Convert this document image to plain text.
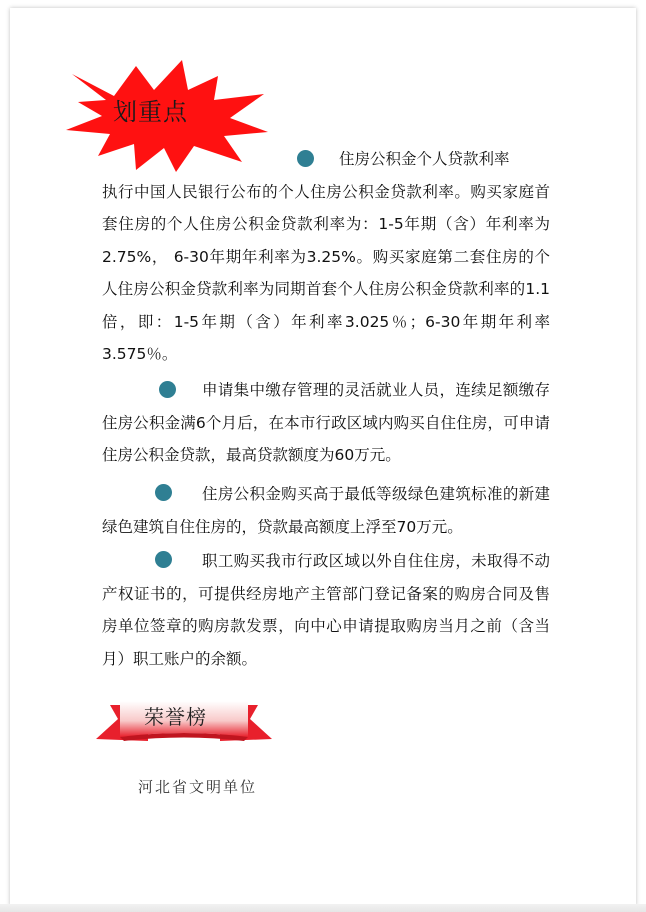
划重点
住房公积金个人贷款利率
执行中国人民银行公布的个人住房公积金贷款利率。购买家庭首套住房的个人住房公积金贷款利率为：1-5年期（含）年利率为2.75%， 6-30年期年利率为3.25%。购买家庭第二套住房的个人住房公积金贷款利率为同期首套个人住房公积金贷款利率的1.1倍，即：1-5年期（含）年利率3.025％；6-30年期年利率3.575％。
申请集中缴存管理的灵活就业人员，连续足额缴存住房公积金满6个月后，在本市行政区域内购买自住住房，可申请住房公积金贷款，最高贷款额度为60万元。
住房公积金购买高于最低等级绿色建筑标准的新建绿色建筑自住住房的，贷款最高额度上浮至70万元。
职工购买我市行政区域以外自住住房，未取得不动产权证书的，可提供经房地产主管部门登记备案的购房合同及售房单位签章的购房款发票，向中心申请提取购房当月之前（含当月）职工账户的余额。
荣誉榜
河北省文明单位
